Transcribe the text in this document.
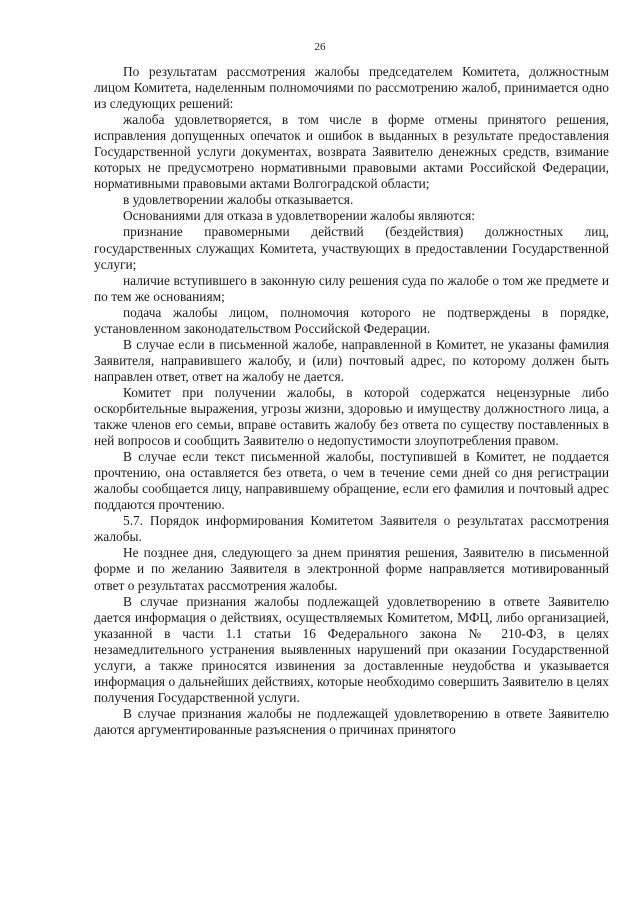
26

По результатам рассмотрения жалобы председателем Комитета, должностным лицом Комитета, наделенным полномочиями по рассмотрению жалоб, принимается одно из следующих решений:

жалоба удовлетворяется, в том числе в форме отмены принятого решения, исправления допущенных опечаток и ошибок в выданных в результате предоставления Государственной услуги документах, возврата Заявителю денежных средств, взимание которых не предусмотрено нормативными правовыми актами Российской Федерации, нормативными правовыми актами Волгоградской области;

в удовлетворении жалобы отказывается.

Основаниями для отказа в удовлетворении жалобы являются:

признание правомерными действий (бездействия) должностных лиц, государственных служащих Комитета, участвующих в предоставлении Государственной услуги;

наличие вступившего в законную силу решения суда по жалобе о том же предмете и по тем же основаниям;

подача жалобы лицом, полномочия которого не подтверждены в порядке, установленном законодательством Российской Федерации.

В случае если в письменной жалобе, направленной в Комитет, не указаны фамилия Заявителя, направившего жалобу, и (или) почтовый адрес, по которому должен быть направлен ответ, ответ на жалобу не дается.

Комитет при получении жалобы, в которой содержатся нецензурные либо оскорбительные выражения, угрозы жизни, здоровью и имуществу должностного лица, а также членов его семьи, вправе оставить жалобу без ответа по существу поставленных в ней вопросов и сообщить Заявителю о недопустимости злоупотребления правом.

В случае если текст письменной жалобы, поступившей в Комитет, не поддается прочтению, она оставляется без ответа, о чем в течение семи дней со дня регистрации жалобы сообщается лицу, направившему обращение, если его фамилия и почтовый адрес поддаются прочтению.

5.7. Порядок информирования Комитетом Заявителя о результатах рассмотрения жалобы.

Не позднее дня, следующего за днем принятия решения, Заявителю в письменной форме и по желанию Заявителя в электронной форме направляется мотивированный ответ о результатах рассмотрения жалобы.

В случае признания жалобы подлежащей удовлетворению в ответе Заявителю дается информация о действиях, осуществляемых Комитетом, МФЦ, либо организацией, указанной в части 1.1 статьи 16 Федерального закона № 210-ФЗ, в целях незамедлительного устранения выявленных нарушений при оказании Государственной услуги, а также приносятся извинения за доставленные неудобства и указывается информация о дальнейших действиях, которые необходимо совершить Заявителю в целях получения Государственной услуги.

В случае признания жалобы не подлежащей удовлетворению в ответе Заявителю даются аргументированные разъяснения о причинах принятого
